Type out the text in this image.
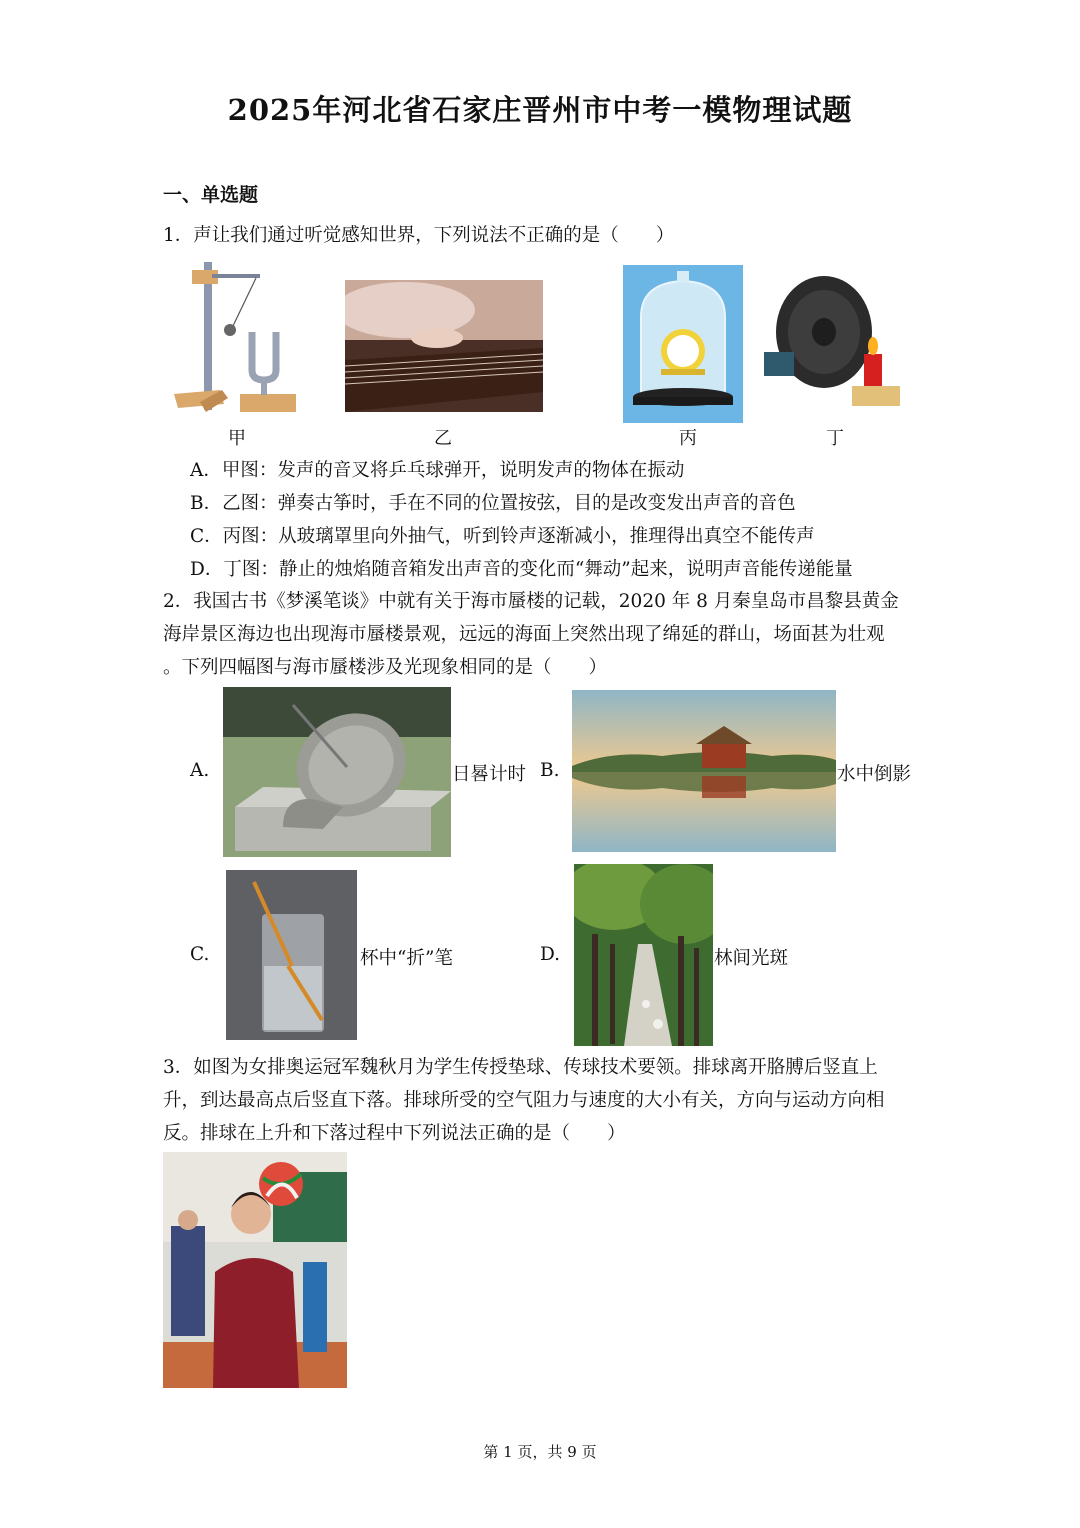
2025年河北省石家庄晋州市中考一模物理试题
一、单选题
1．声让我们通过听觉感知世界，下列说法不正确的是（　　）
甲	乙	丙	丁
A．甲图：发声的音叉将乒乓球弹开，说明发声的物体在振动
B．乙图：弹奏古筝时，手在不同的位置按弦，目的是改变发出声音的音色
C．丙图：从玻璃罩里向外抽气，听到铃声逐渐减小，推理得出真空不能传声
D．丁图：静止的烛焰随音箱发出声音的变化而“舞动”起来，说明声音能传递能量
2．我国古书《梦溪笔谈》中就有关于海市蜃楼的记载，2020 年 8 月秦皇岛市昌黎县黄金
海岸景区海边也出现海市蜃楼景观，远远的海面上突然出现了绵延的群山，场面甚为壮观
。下列四幅图与海市蜃楼涉及光现象相同的是（　　）
A.	日晷计时 B.	水中倒影
C.	杯中“折”笔	D.	林间光斑
3．如图为女排奥运冠军魏秋月为学生传授垫球、传球技术要领。排球离开胳膊后竖直上
升，到达最高点后竖直下落。排球所受的空气阻力与速度的大小有关，方向与运动方向相
反。排球在上升和下落过程中下列说法正确的是（　　）
第 1 页，共 9 页
